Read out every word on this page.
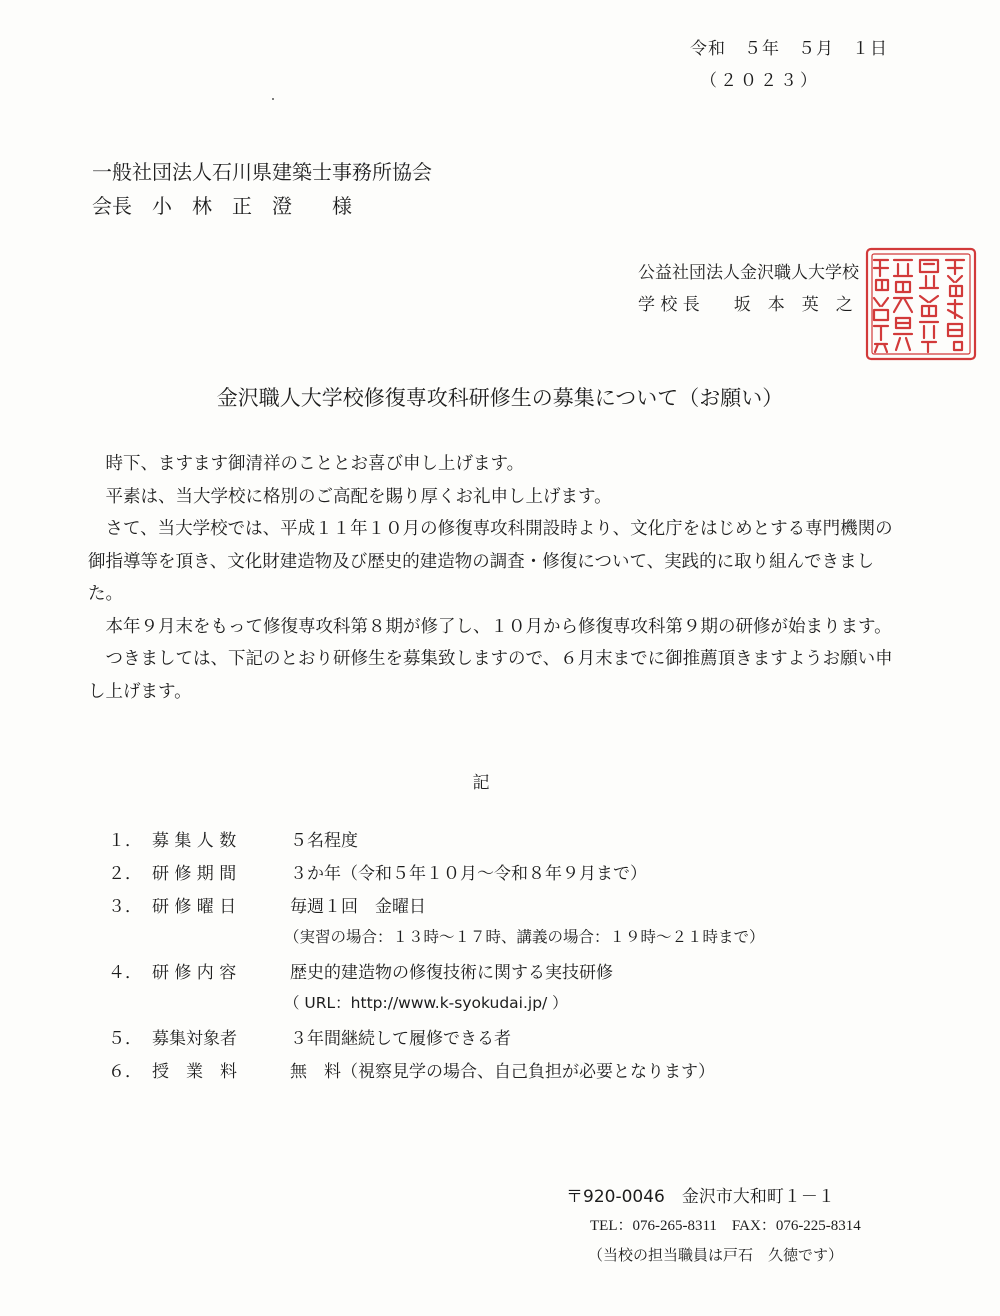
令和　５年　５月　１日
（２０２３）
一般社団法人石川県建築士事務所協会
会長　小　林　正　澄　　様
公益社団法人金沢職人大学校
学 校 長　　坂　本　英　之
金沢職人大学校修復専攻科研修生の募集について（お願い）

時下、ますます御清祥のこととお喜び申し上げます。

平素は、当大学校に格別のご高配を賜り厚くお礼申し上げます。

さて、当大学校では、平成１１年１０月の修復専攻科開設時より、文化庁をはじめとする専門機関の御指導等を頂き、文化財建造物及び歴史的建造物の調査・修復について、実践的に取り組んできました。

本年９月末をもって修復専攻科第８期が修了し、１０月から修復専攻科第９期の研修が始まります。

つきましては、下記のとおり研修生を募集致しますので、６月末までに御推薦頂きますようお願い申し上げます。

記
１． 募 集 人 数	５名程度
２． 研 修 期 間	３か年（令和５年１０月～令和８年９月まで）
３． 研 修 曜 日	毎週１回　金曜日
（実習の場合：１３時～１７時、講義の場合：１９時～２１時まで）
４． 研 修 内 容	歴史的建造物の修復技術に関する実技研修
（ URL：http://www.k-syokudai.jp/ ）
５． 募集対象者	３年間継続して履修できる者
６． 授　業　料	無　料（視察見学の場合、自己負担が必要となります）
〒920-0046　金沢市大和町１－１
TEL：076-265-8311　FAX：076-225-8314
（当校の担当職員は戸石　久徳です）
